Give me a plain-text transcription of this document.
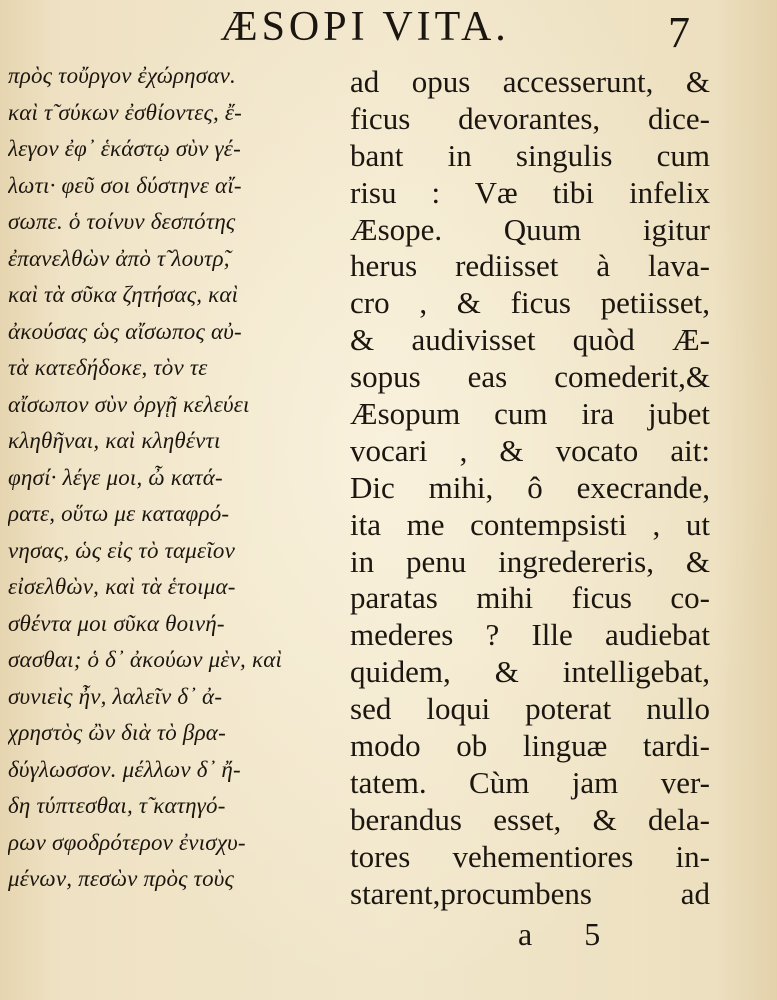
ÆSOPI VITA.	7
πρὸς τοὔργον ἐχώρησαν.
καὶ τ̃ σύκων ἐσθίοντες, ἔ-
λεγον ἐφ᾽ ἑκάστῳ σὺν γέ-
λωτι· φεῦ σοι δύστηνε αἴ-
σωπε. ὁ τοίνυν δεσπότης
ἐπανελθὼν ἀπὸ τ̃ λουτρ̃,
καὶ τὰ σῦκα ζητήσας, καὶ
ἀκούσας ὡς αἴσωπος αὐ-
τὰ κατεδήδοκε, τὸν τε
αἴσωπον σὺν ὀργῇ κελεύει
κληθῆναι, καὶ κληθέντι
φησί· λέγε μοι, ὦ κατά-
ρατε, οὕτω με καταφρό-
νησας, ὡς εἰς τὸ ταμεῖον
εἰσελθὼν, καὶ τὰ ἑτοιμα-
σθέντα μοι σῦκα θοινή-
σασθαι; ὁ δ᾽ ἀκούων μὲν, καὶ
συνιεὶς ἦν, λαλεῖν δ᾽ ἀ-
χρηστὸς ὢν διὰ τὸ βρα-
δύγλωσσον. μέλλων δ᾽ ἤ-
δη τύπτεσθαι, τ̃ κατηγό-
ρων σφοδρότερον ἐνισχυ-
μένων, πεσὼν πρὸς τοὺς
ad opus accesserunt, &
ficus devorantes, dice-
bant in singulis cum
risu : Væ tibi infelix
Æsope. Quum igitur
herus rediisset à lava-
cro , & ficus petiisset,
& audivisset quòd Æ-
sopus eas comederit,&
Æsopum cum ira jubet
vocari , & vocato ait:
Dic mihi, ô execrande,
ita me contempsisti , ut
in penu ingredereris, &
paratas mihi ficus co-
mederes ? Ille audiebat
quidem, & intelligebat,
sed loqui poterat nullo
modo ob linguæ tardi-
tatem. Cùm jam ver-
berandus esset, & dela-
tores vehementiores in-
starent,procumbens ad
a 5
